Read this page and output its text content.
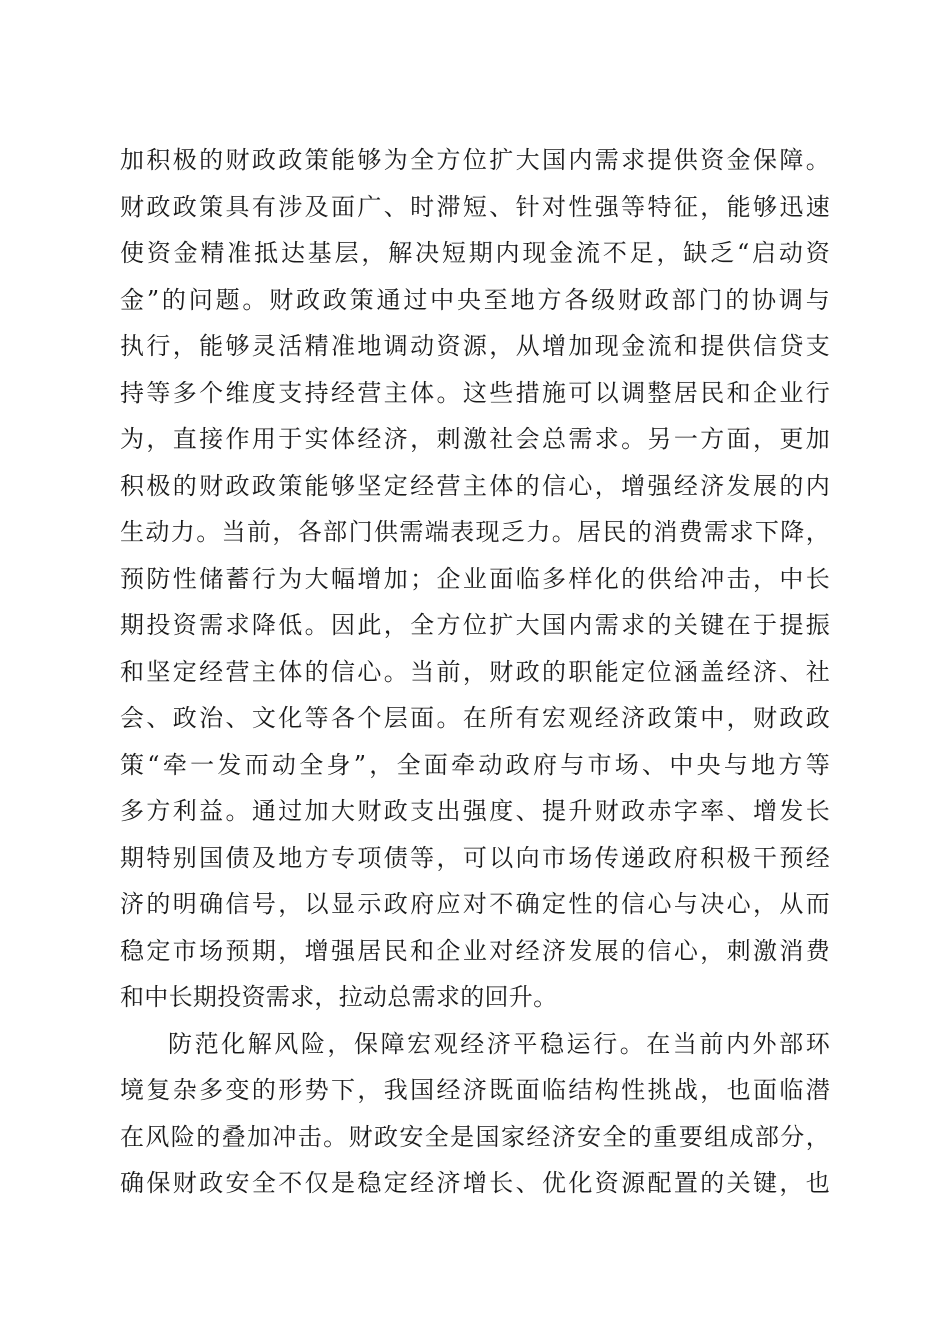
加积极的财政政策能够为全方位扩大国内需求提供资金保障。
财政政策具有涉及面广、时滞短、针对性强等特征，能够迅速
使资金精准抵达基层，解决短期内现金流不足，缺乏“启动资
金”的问题。财政政策通过中央至地方各级财政部门的协调与
执行，能够灵活精准地调动资源，从增加现金流和提供信贷支
持等多个维度支持经营主体。这些措施可以调整居民和企业行
为，直接作用于实体经济，刺激社会总需求。另一方面，更加
积极的财政政策能够坚定经营主体的信心，增强经济发展的内
生动力。当前，各部门供需端表现乏力。居民的消费需求下降，
预防性储蓄行为大幅增加；企业面临多样化的供给冲击，中长
期投资需求降低。因此，全方位扩大国内需求的关键在于提振
和坚定经营主体的信心。当前，财政的职能定位涵盖经济、社
会、政治、文化等各个层面。在所有宏观经济政策中，财政政
策“牵一发而动全身”，全面牵动政府与市场、中央与地方等
多方利益。通过加大财政支出强度、提升财政赤字率、增发长
期特别国债及地方专项债等，可以向市场传递政府积极干预经
济的明确信号，以显示政府应对不确定性的信心与决心，从而
稳定市场预期，增强居民和企业对经济发展的信心，刺激消费
和中长期投资需求，拉动总需求的回升。
防范化解风险，保障宏观经济平稳运行。在当前内外部环
境复杂多变的形势下，我国经济既面临结构性挑战，也面临潜
在风险的叠加冲击。财政安全是国家经济安全的重要组成部分，
确保财政安全不仅是稳定经济增长、优化资源配置的关键，也
